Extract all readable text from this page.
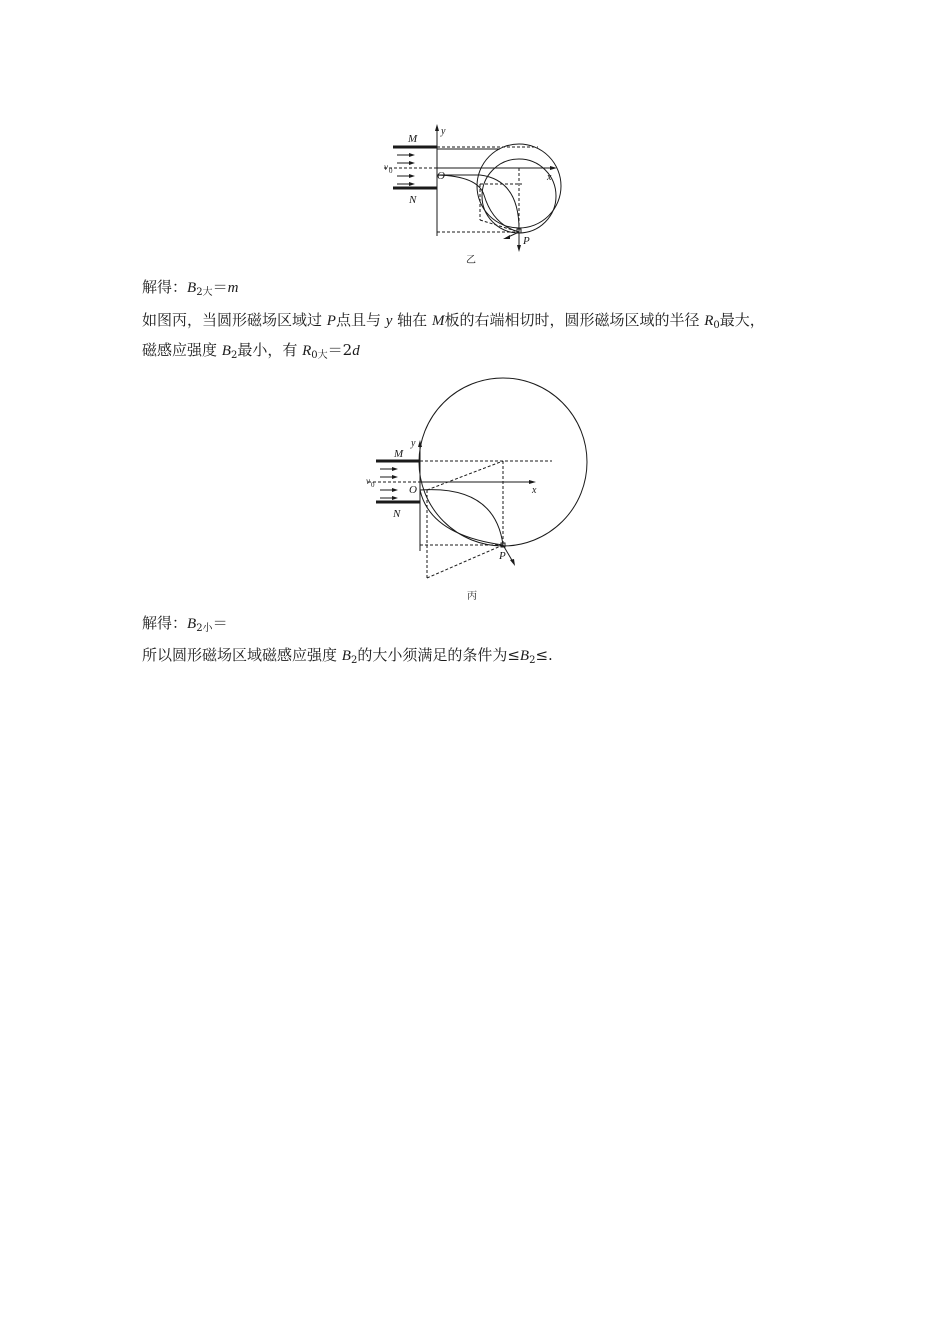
M
N
O
y
x
P
v 0
乙
解得：$B_{2大}=m$
如图丙，当圆形磁场区域过 P点且与 y 轴在 M板的右端相切时，圆形磁场区域的半径 $R_0$最大，
磁感应强度 $B_2$最小，有 $R_{0大}=2d$
M
N
O
y
x
P
v 0
丙
解得：$B_{2小}=$
所以圆形磁场区域磁感应强度 $B_2$的大小须满足的条件为$\le B_2\le$.
